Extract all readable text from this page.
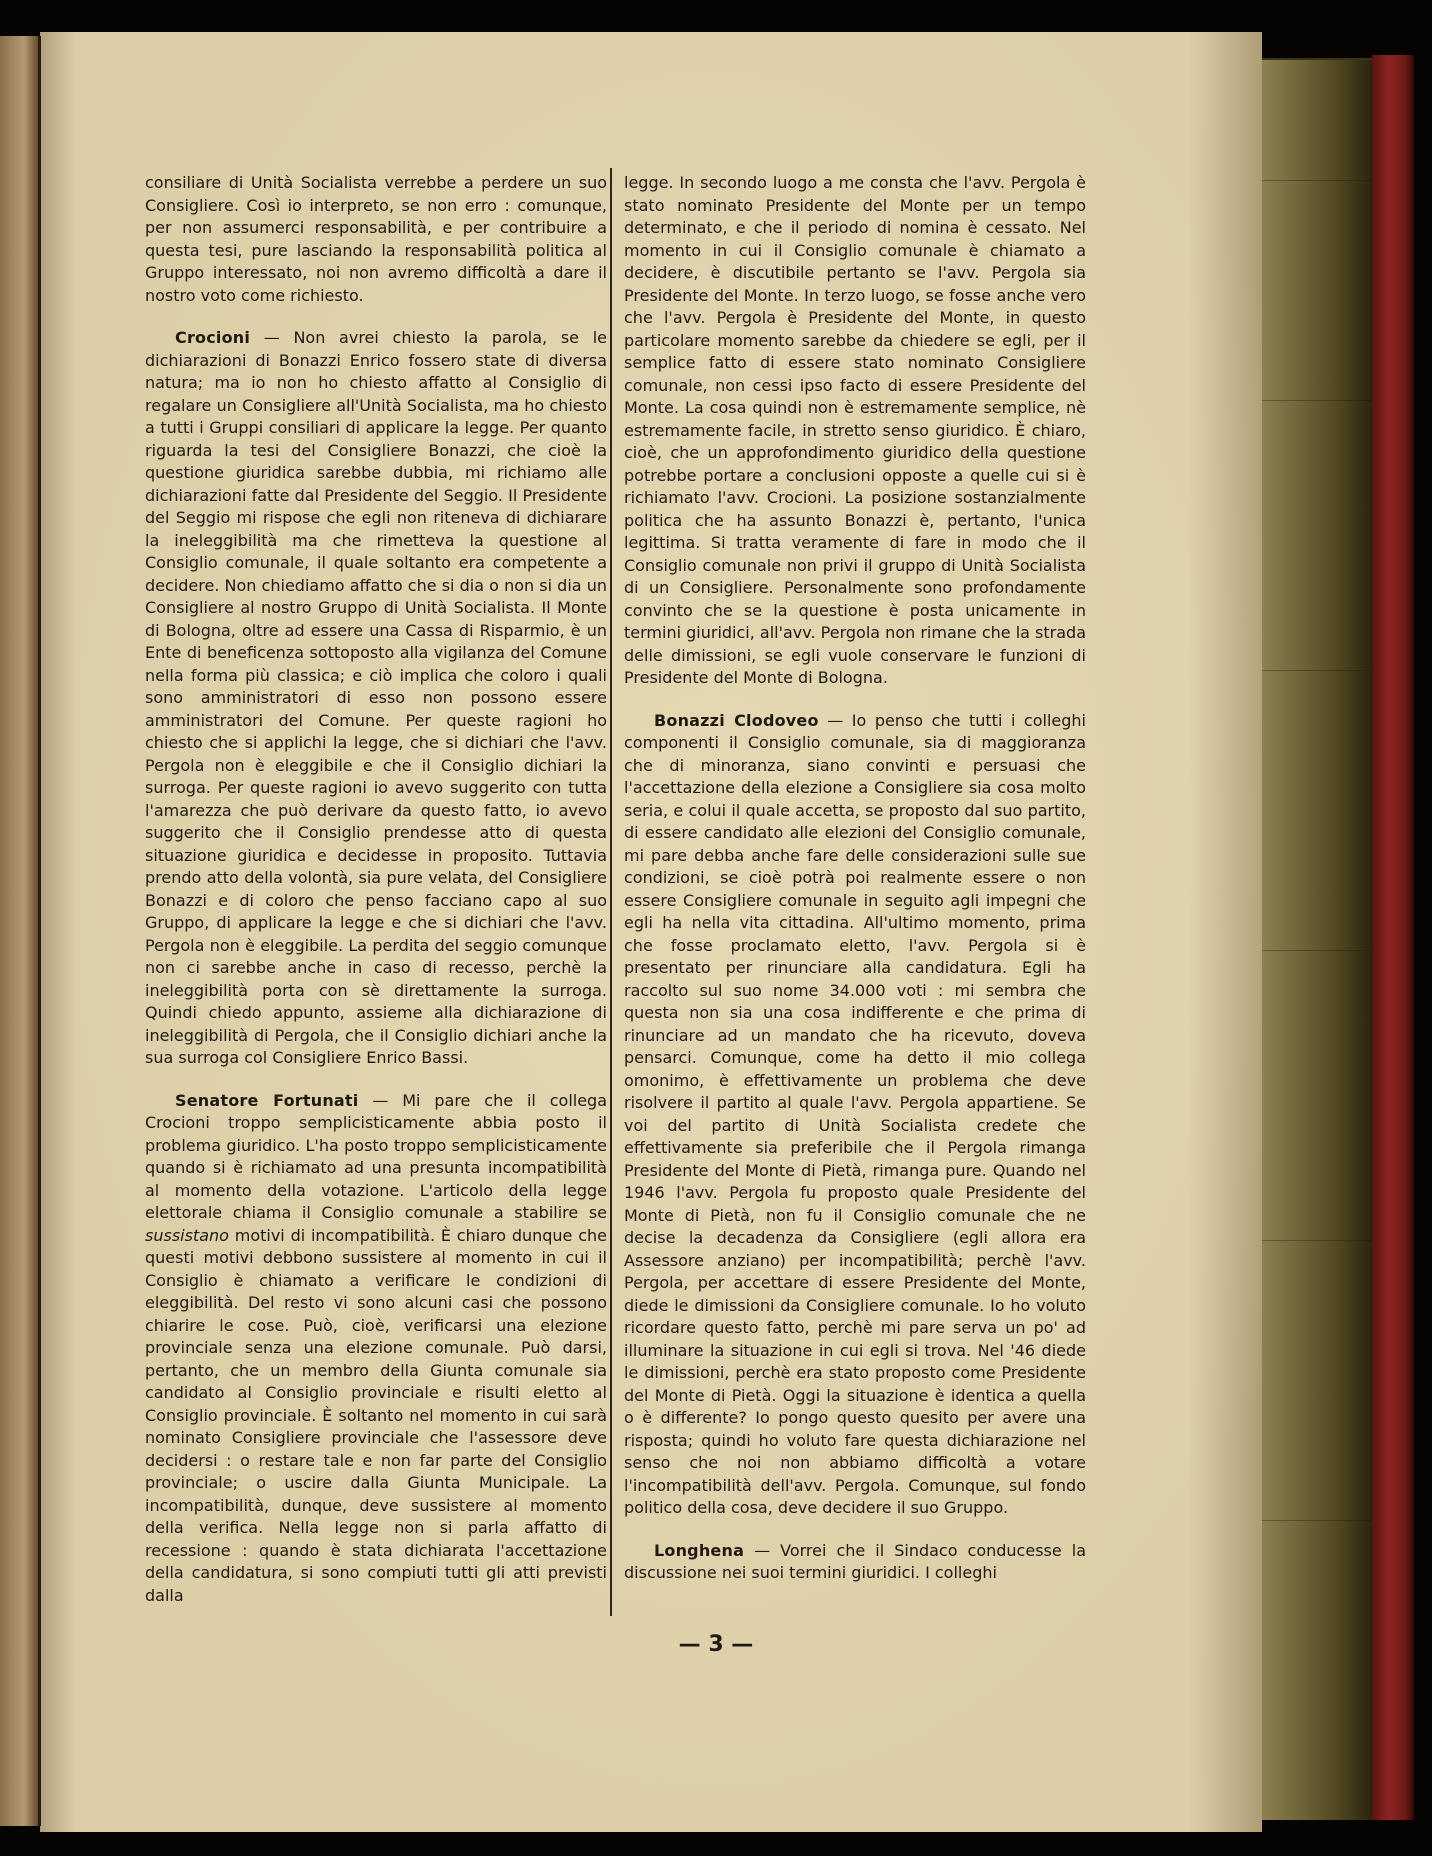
consiliare di Unità Socialista verrebbe a perdere un suo Consigliere. Così io interpreto, se non erro : comunque, per non assumerci responsabilità, e per contribuire a questa tesi, pure lasciando la responsabilità politica al Gruppo interessato, noi non avremo difficoltà a dare il nostro voto come richiesto.

Crocioni — Non avrei chiesto la parola, se le dichiarazioni di Bonazzi Enrico fossero state di diversa natura; ma io non ho chiesto affatto al Consiglio di regalare un Consigliere all'Unità Socialista, ma ho chiesto a tutti i Gruppi consiliari di applicare la legge. Per quanto riguarda la tesi del Consigliere Bonazzi, che cioè la questione giuridica sarebbe dubbia, mi richiamo alle dichiarazioni fatte dal Presidente del Seggio. Il Presidente del Seggio mi rispose che egli non riteneva di dichiarare la ineleggibilità ma che rimetteva la questione al Consiglio comunale, il quale soltanto era competente a decidere. Non chiediamo affatto che si dia o non si dia un Consigliere al nostro Gruppo di Unità Socialista. Il Monte di Bologna, oltre ad essere una Cassa di Risparmio, è un Ente di beneficenza sottoposto alla vigilanza del Comune nella forma più classica; e ciò implica che coloro i quali sono amministratori di esso non possono essere amministratori del Comune. Per queste ragioni ho chiesto che si applichi la legge, che si dichiari che l'avv. Pergola non è eleggibile e che il Consiglio dichiari la surroga. Per queste ragioni io avevo suggerito con tutta l'amarezza che può derivare da questo fatto, io avevo suggerito che il Consiglio prendesse atto di questa situazione giuridica e decidesse in proposito. Tuttavia prendo atto della volontà, sia pure velata, del Consigliere Bonazzi e di coloro che penso facciano capo al suo Gruppo, di applicare la legge e che si dichiari che l'avv. Pergola non è eleggibile. La perdita del seggio comunque non ci sarebbe anche in caso di recesso, perchè la ineleggibilità porta con sè direttamente la surroga. Quindi chiedo appunto, assieme alla dichiarazione di ineleggibilità di Pergola, che il Consiglio dichiari anche la sua surroga col Consigliere Enrico Bassi.

Senatore Fortunati — Mi pare che il collega Crocioni troppo semplicisticamente abbia posto il problema giuridico. L'ha posto troppo semplicisticamente quando si è richiamato ad una presunta incompatibilità al momento della votazione. L'articolo della legge elettorale chiama il Consiglio comunale a stabilire se sussistano motivi di incompatibilità. È chiaro dunque che questi motivi debbono sussistere al momento in cui il Consiglio è chiamato a verificare le condizioni di eleggibilità. Del resto vi sono alcuni casi che possono chiarire le cose. Può, cioè, verificarsi una elezione provinciale senza una elezione comunale. Può darsi, pertanto, che un membro della Giunta comunale sia candidato al Consiglio provinciale e risulti eletto al Consiglio provinciale. È soltanto nel momento in cui sarà nominato Consigliere provinciale che l'assessore deve decidersi : o restare tale e non far parte del Consiglio provinciale; o uscire dalla Giunta Municipale. La incompatibilità, dunque, deve sussistere al momento della verifica. Nella legge non si parla affatto di recessione : quando è stata dichiarata l'accettazione della candidatura, si sono compiuti tutti gli atti previsti dalla

legge. In secondo luogo a me consta che l'avv. Pergola è stato nominato Presidente del Monte per un tempo determinato, e che il periodo di nomina è cessato. Nel momento in cui il Consiglio comunale è chiamato a decidere, è discutibile pertanto se l'avv. Pergola sia Presidente del Monte. In terzo luogo, se fosse anche vero che l'avv. Pergola è Presidente del Monte, in questo particolare momento sarebbe da chiedere se egli, per il semplice fatto di essere stato nominato Consigliere comunale, non cessi ipso facto di essere Presidente del Monte. La cosa quindi non è estremamente semplice, nè estremamente facile, in stretto senso giuridico. È chiaro, cioè, che un approfondimento giuridico della questione potrebbe portare a conclusioni opposte a quelle cui si è richiamato l'avv. Crocioni. La posizione sostanzialmente politica che ha assunto Bonazzi è, pertanto, l'unica legittima. Si tratta veramente di fare in modo che il Consiglio comunale non privi il gruppo di Unità Socialista di un Consigliere. Personalmente sono profondamente convinto che se la questione è posta unicamente in termini giuridici, all'avv. Pergola non rimane che la strada delle dimissioni, se egli vuole conservare le funzioni di Presidente del Monte di Bologna.

Bonazzi Clodoveo — Io penso che tutti i colleghi componenti il Consiglio comunale, sia di maggioranza che di minoranza, siano convinti e persuasi che l'accettazione della elezione a Consigliere sia cosa molto seria, e colui il quale accetta, se proposto dal suo partito, di essere candidato alle elezioni del Consiglio comunale, mi pare debba anche fare delle considerazioni sulle sue condizioni, se cioè potrà poi realmente essere o non essere Consigliere comunale in seguito agli impegni che egli ha nella vita cittadina. All'ultimo momento, prima che fosse proclamato eletto, l'avv. Pergola si è presentato per rinunciare alla candidatura. Egli ha raccolto sul suo nome 34.000 voti : mi sembra che questa non sia una cosa indifferente e che prima di rinunciare ad un mandato che ha ricevuto, doveva pensarci. Comunque, come ha detto il mio collega omonimo, è effettivamente un problema che deve risolvere il partito al quale l'avv. Pergola appartiene. Se voi del partito di Unità Socialista credete che effettivamente sia preferibile che il Pergola rimanga Presidente del Monte di Pietà, rimanga pure. Quando nel 1946 l'avv. Pergola fu proposto quale Presidente del Monte di Pietà, non fu il Consiglio comunale che ne decise la decadenza da Consigliere (egli allora era Assessore anziano) per incompatibilità; perchè l'avv. Pergola, per accettare di essere Presidente del Monte, diede le dimissioni da Consigliere comunale. Io ho voluto ricordare questo fatto, perchè mi pare serva un po' ad illuminare la situazione in cui egli si trova. Nel '46 diede le dimissioni, perchè era stato proposto come Presidente del Monte di Pietà. Oggi la situazione è identica a quella o è differente? Io pongo questo quesito per avere una risposta; quindi ho voluto fare questa dichiarazione nel senso che noi non abbiamo difficoltà a votare l'incompatibilità dell'avv. Pergola. Comunque, sul fondo politico della cosa, deve decidere il suo Gruppo.

Longhena — Vorrei che il Sindaco conducesse la discussione nei suoi termini giuridici. I colleghi

— 3 —
